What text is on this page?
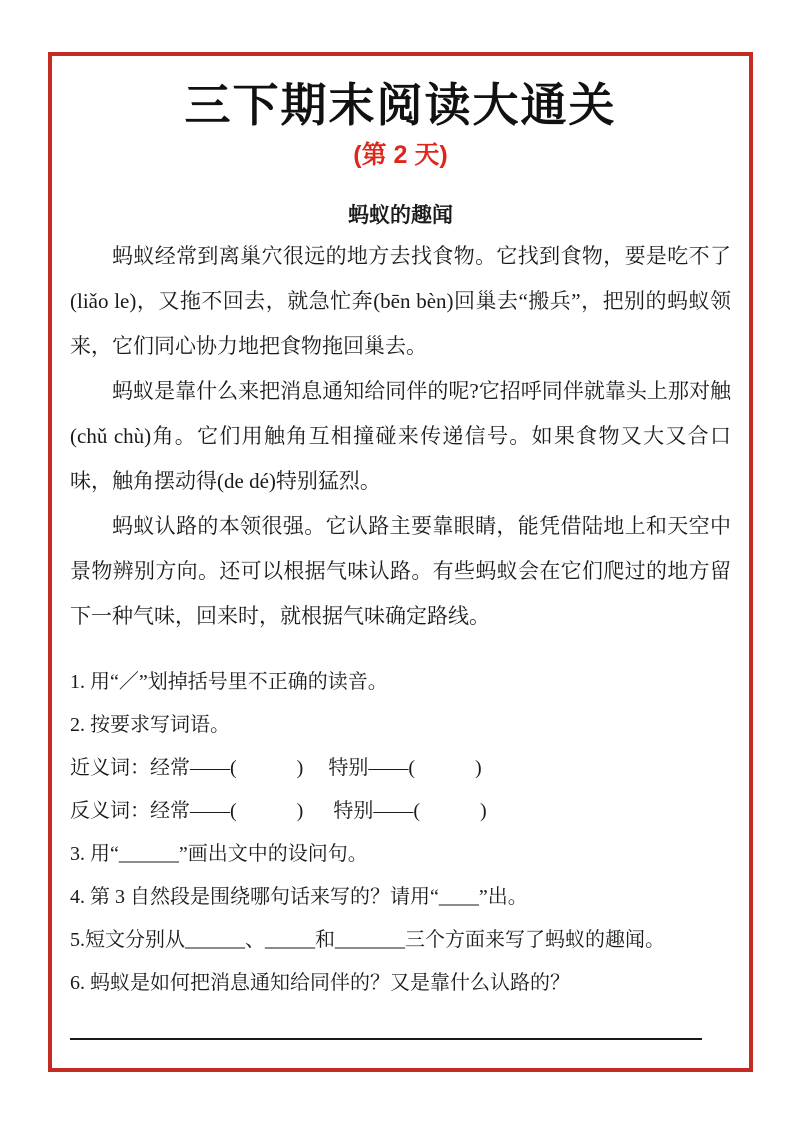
三下期末阅读大通关
(第 2 天)
蚂蚁的趣闻

蚂蚁经常到离巢穴很远的地方去找食物。它找到食物，要是吃不了(liǎo le)，又拖不回去，就急忙奔(bēn bèn)回巢去“搬兵”，把别的蚂蚁领来，它们同心协力地把食物拖回巢去。

蚂蚁是靠什么来把消息通知给同伴的呢?它招呼同伴就靠头上那对触(chǔ chù)角。它们用触角互相撞碰来传递信号。如果食物又大又合口味，触角摆动得(de dé)特别猛烈。

蚂蚁认路的本领很强。它认路主要靠眼睛，能凭借陆地上和天空中景物辨别方向。还可以根据气味认路。有些蚂蚁会在它们爬过的地方留下一种气味，回来时，就根据气味确定路线。

1. 用“／”划掉括号里不正确的读音。
2. 按要求写词语。
近义词：经常——(　　　)　 特别——(　　　)
反义词：经常——(　　　)　  特别——(　　　)
3. 用“______”画出文中的设问句。
4. 第 3 自然段是围绕哪句话来写的？请用“____”出。
5.短文分别从______、_____和_______三个方面来写了蚂蚁的趣闻。
6. 蚂蚁是如何把消息通知给同伴的？又是靠什么认路的？
